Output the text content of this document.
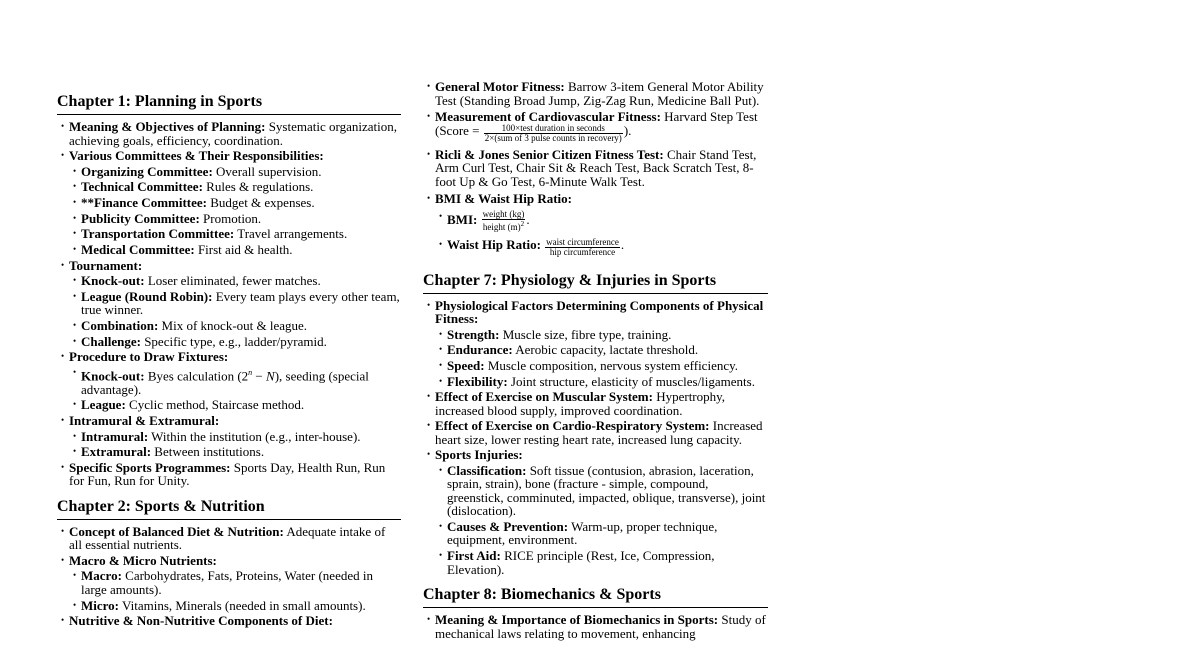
Chapter 1: Planning in Sports
• Meaning & Objectives of Planning: Systematic organization, achieving goals, efficiency, coordination.
• Various Committees & Their Responsibilities:
• Organizing Committee: Overall supervision.
• Technical Committee: Rules & regulations.
• **Finance Committee: Budget & expenses.
• Publicity Committee: Promotion.
• Transportation Committee: Travel arrangements.
• Medical Committee: First aid & health.
• Tournament:
• Knock-out: Loser eliminated, fewer matches.
• League (Round Robin): Every team plays every other team, true winner.
• Combination: Mix of knock-out & league.
• Challenge: Specific type, e.g., ladder/pyramid.
• Procedure to Draw Fixtures:
• Knock-out: Byes calculation $(2^n - N)$, seeding (special advantage).
• League: Cyclic method, Staircase method.
• Intramural & Extramural:
• Intramural: Within the institution (e.g., inter-house).
• Extramural: Between institutions.
• Specific Sports Programmes: Sports Day, Health Run, Run for Fun, Run for Unity.
Chapter 2: Sports & Nutrition
• Concept of Balanced Diet & Nutrition: Adequate intake of all essential nutrients.
• Macro & Micro Nutrients:
• Macro: Carbohydrates, Fats, Proteins, Water (needed in large amounts).
• Micro: Vitamins, Minerals (needed in small amounts).
• Nutritive & Non-Nutritive Components of Diet:
• General Motor Fitness: Barrow 3-item General Motor Ability Test (Standing Broad Jump, Zig-Zag Run, Medicine Ball Put).
• Measurement of Cardiovascular Fitness: Harvard Step Test (Score = $\frac{\text{100×test duration in seconds}}{\text{2×(sum of 3 pulse counts in recovery)}}$ ).
• Ricli & Jones Senior Citizen Fitness Test: Chair Stand Test, Arm Curl Test, Chair Sit & Reach Test, Back Scratch Test, 8-foot Up & Go Test, 6-Minute Walk Test.
• BMI & Waist Hip Ratio:
• BMI: $\frac{\text{weight (kg)}}{height (m)^2}$ .
• Waist Hip Ratio: $\frac{\text{waist circumference}}{\text{hip circumference}}$ .
Chapter 7: Physiology & Injuries in Sports
• Physiological Factors Determining Components of Physical Fitness:
• Strength: Muscle size, fibre type, training.
• Endurance: Aerobic capacity, lactate threshold.
• Speed: Muscle composition, nervous system efficiency.
• Flexibility: Joint structure, elasticity of muscles/ligaments.
• Effect of Exercise on Muscular System: Hypertrophy, increased blood supply, improved coordination.
• Effect of Exercise on Cardio-Respiratory System: Increased heart size, lower resting heart rate, increased lung capacity.
• Sports Injuries:
• Classification: Soft tissue (contusion, abrasion, laceration, sprain, strain), bone (fracture - simple, compound, greenstick, comminuted, impacted, oblique, transverse), joint (dislocation).
• Causes & Prevention: Warm-up, proper technique, equipment, environment.
• First Aid: RICE principle (Rest, Ice, Compression, Elevation).
Chapter 8: Biomechanics & Sports
• Meaning & Importance of Biomechanics in Sports: Study of mechanical laws relating to movement, enhancing
